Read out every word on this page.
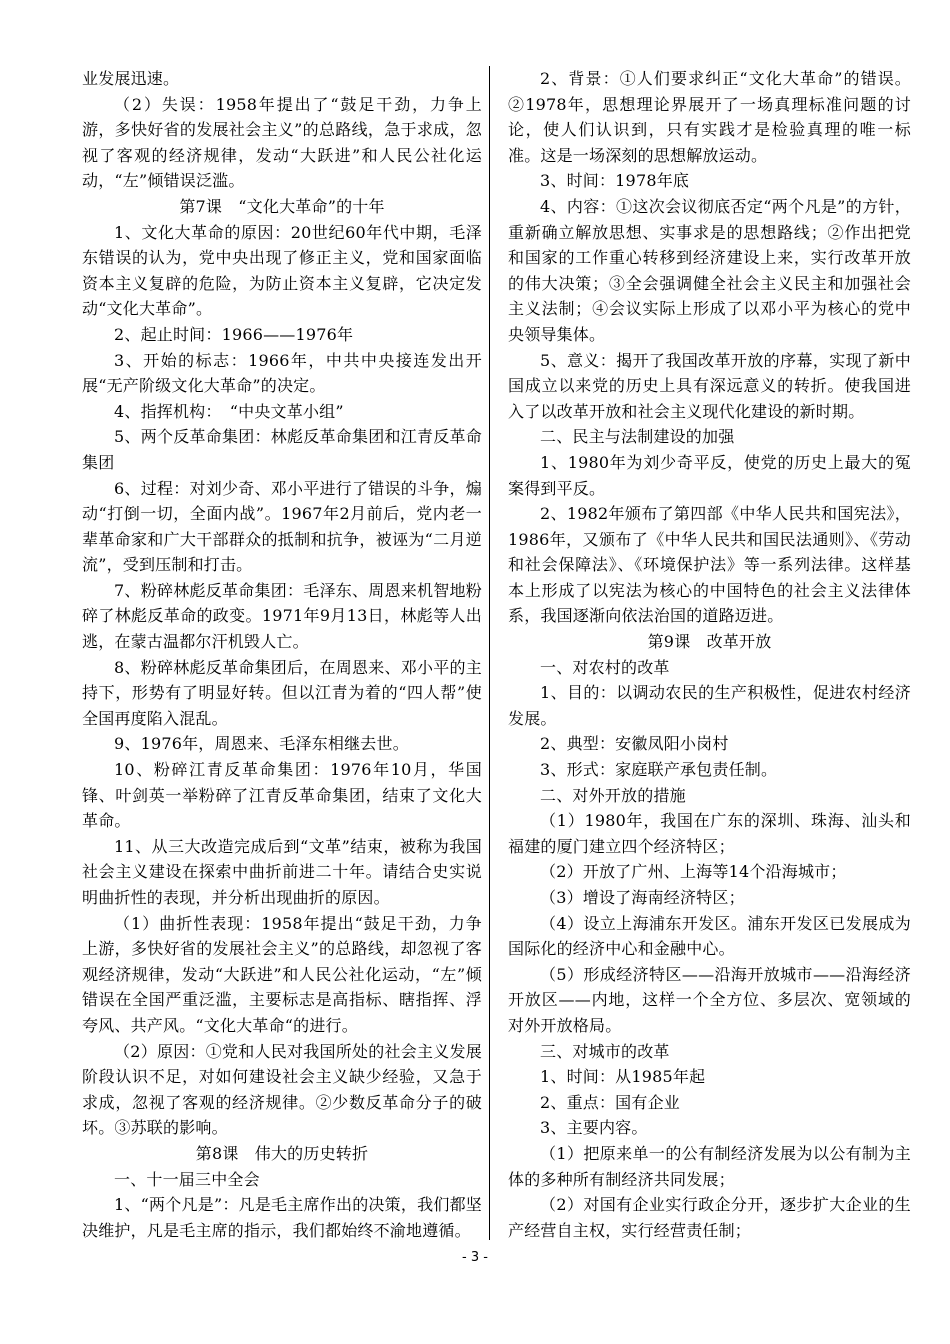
业发展迅速。

（2）失误：1958年提出了“鼓足干劲，力争上游，多快好省的发展社会主义”的总路线，急于求成，忽视了客观的经济规律，发动“大跃进”和人民公社化运动，“左”倾错误泛滥。

第7课　“文化大革命”的十年

1、文化大革命的原因：20世纪60年代中期，毛泽东错误的认为，党中央出现了修正主义，党和国家面临资本主义复辟的危险，为防止资本主义复辟，它决定发动“文化大革命”。

2、起止时间：1966——1976年

3、开始的标志：1966年，中共中央接连发出开展“无产阶级文化大革命”的决定。

4、指挥机构：　“中央文革小组”

5、两个反革命集团：林彪反革命集团和江青反革命集团

6、过程：对刘少奇、邓小平进行了错误的斗争，煽动“打倒一切，全面内战”。1967年2月前后，党内老一辈革命家和广大干部群众的抵制和抗争，被诬为“二月逆流”，受到压制和打击。

7、粉碎林彪反革命集团：毛泽东、周恩来机智地粉碎了林彪反革命的政变。1971年9月13日，林彪等人出逃，在蒙古温都尔汗机毁人亡。

8、粉碎林彪反革命集团后，在周恩来、邓小平的主持下，形势有了明显好转。但以江青为着的“四人帮”使全国再度陷入混乱。

9、1976年，周恩来、毛泽东相继去世。

10、粉碎江青反革命集团：1976年10月，华国锋、叶剑英一举粉碎了江青反革命集团，结束了文化大革命。

11、从三大改造完成后到“文革”结束，被称为我国社会主义建设在探索中曲折前进二十年。请结合史实说明曲折性的表现，并分析出现曲折的原因。

（1）曲折性表现：1958年提出“鼓足干劲，力争上游，多快好省的发展社会主义”的总路线，却忽视了客观经济规律，发动“大跃进”和人民公社化运动，“左”倾错误在全国严重泛滥，主要标志是高指标、瞎指挥、浮夸风、共产风。“文化大革命“的进行。

（2）原因：①党和人民对我国所处的社会主义发展阶段认识不足，对如何建设社会主义缺少经验，又急于求成，忽视了客观的经济规律。②少数反革命分子的破坏。③苏联的影响。

第8课　伟大的历史转折

一、十一届三中全会

1、“两个凡是”：凡是毛主席作出的决策，我们都坚决维护，凡是毛主席的指示，我们都始终不渝地遵循。

2、背景：①人们要求纠正“文化大革命”的错误。②1978年，思想理论界展开了一场真理标准问题的讨论，使人们认识到，只有实践才是检验真理的唯一标准。这是一场深刻的思想解放运动。

3、时间：1978年底

4、内容：①这次会议彻底否定“两个凡是”的方针，重新确立解放思想、实事求是的思想路线；②作出把党和国家的工作重心转移到经济建设上来，实行改革开放的伟大决策；③全会强调健全社会主义民主和加强社会主义法制；④会议实际上形成了以邓小平为核心的党中央领导集体。

5、意义：揭开了我国改革开放的序幕，实现了新中国成立以来党的历史上具有深远意义的转折。使我国进入了以改革开放和社会主义现代化建设的新时期。

二、民主与法制建设的加强

1、1980年为刘少奇平反，使党的历史上最大的冤案得到平反。

2、1982年颁布了第四部《中华人民共和国宪法》，1986年，又颁布了《中华人民共和国民法通则》、《劳动和社会保障法》、《环境保护法》等一系列法律。这样基本上形成了以宪法为核心的中国特色的社会主义法律体系，我国逐渐向依法治国的道路迈进。

第9课　改革开放

一、对农村的改革

1、目的：以调动农民的生产积极性，促进农村经济发展。

2、典型：安徽凤阳小岗村

3、形式：家庭联产承包责任制。

二、对外开放的措施

（1）1980年，我国在广东的深圳、珠海、汕头和福建的厦门建立四个经济特区；

（2）开放了广州、上海等14个沿海城市；

（3）增设了海南经济特区；

（4）设立上海浦东开发区。浦东开发区已发展成为国际化的经济中心和金融中心。

（5）形成经济特区——沿海开放城市——沿海经济开放区——内地，这样一个全方位、多层次、宽领域的对外开放格局。

三、对城市的改革

1、时间：从1985年起

2、重点：国有企业

3、主要内容。

（1）把原来单一的公有制经济发展为以公有制为主体的多种所有制经济共同发展；

（2）对国有企业实行政企分开，逐步扩大企业的生产经营自主权，实行经营责任制；

- 3 -
